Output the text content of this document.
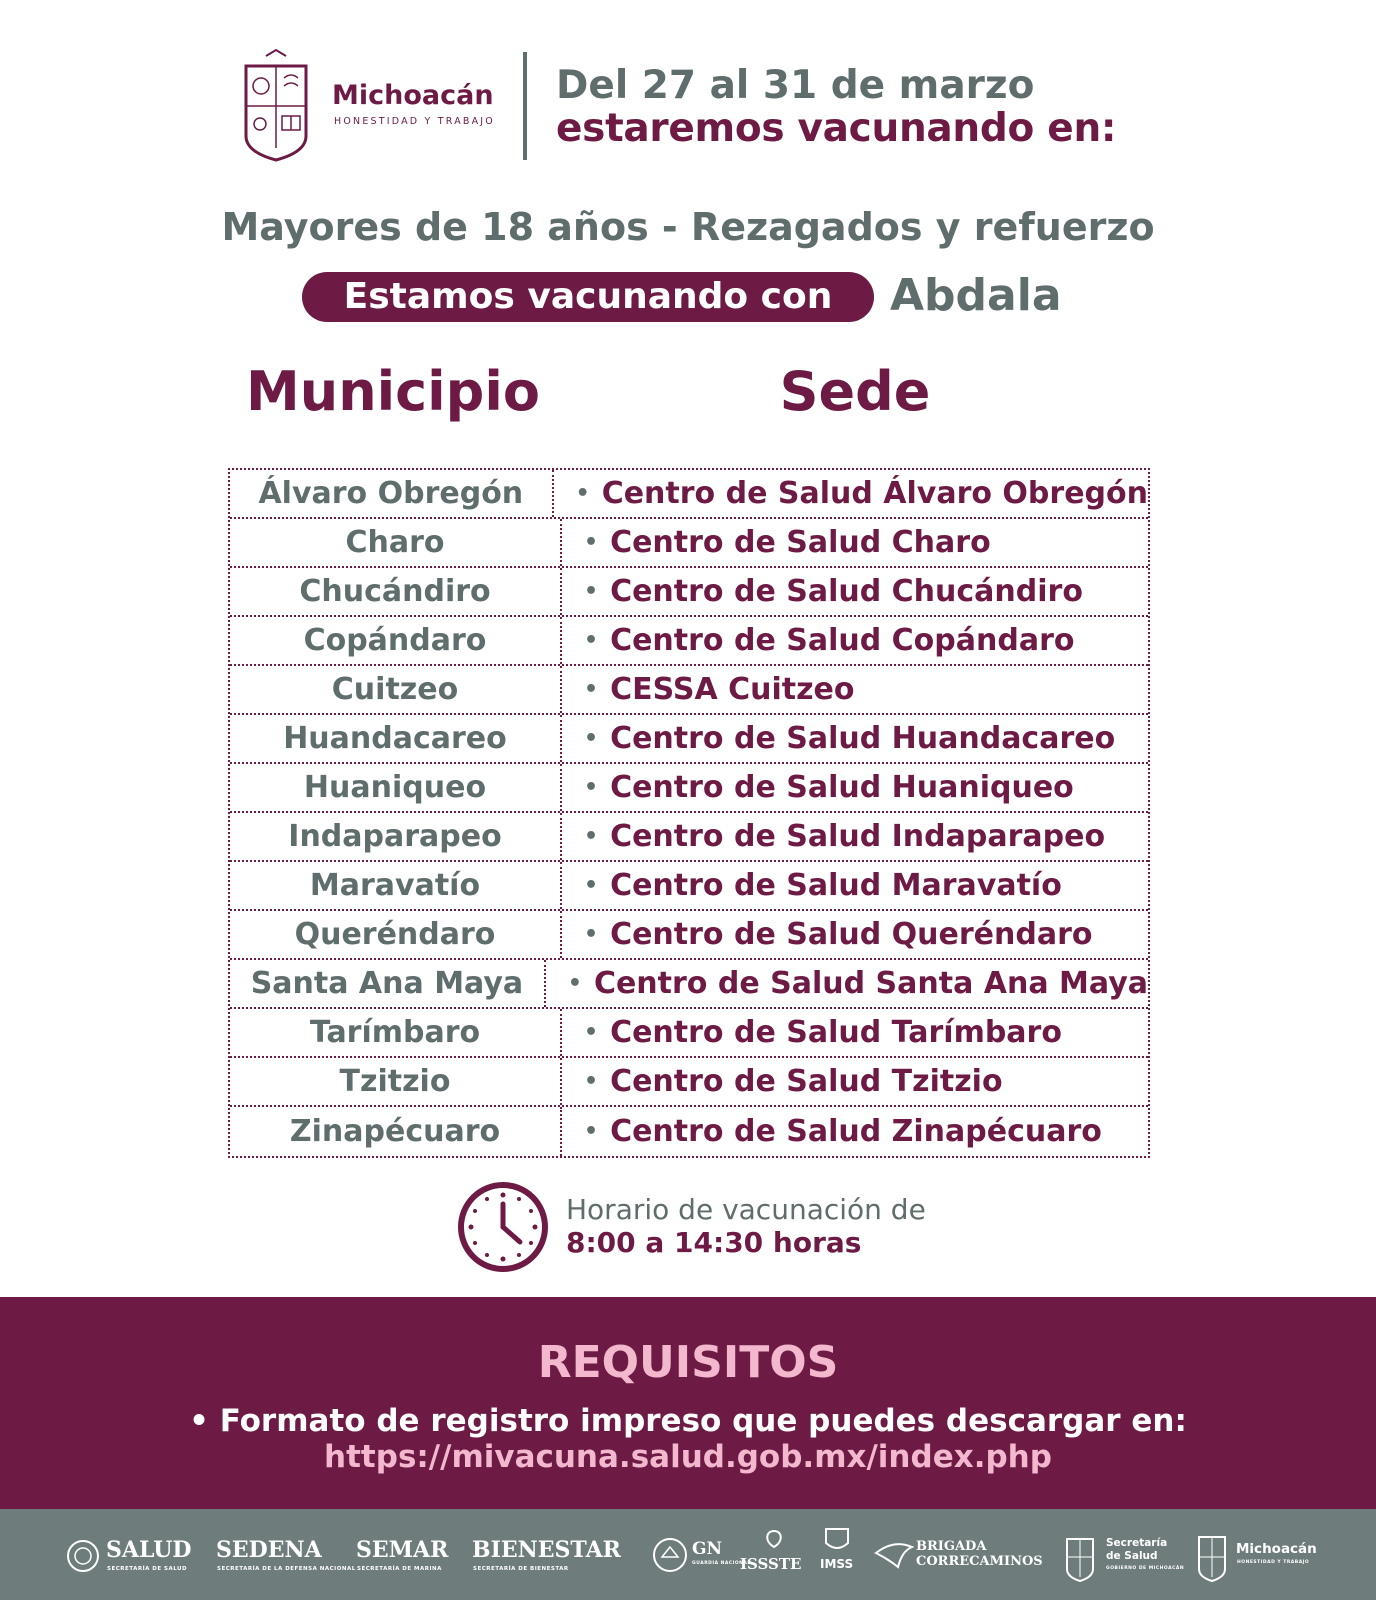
Michoacán
HONESTIDAD Y TRABAJO
Del 27 al 31 de marzo
estaremos vacunando en:
Mayores de 18 años - Rezagados y refuerzo
Estamos vacunando con	Abdala
Municipio	Sede
Álvaro Obregón	• Centro de Salud Álvaro Obregón
Charo	• Centro de Salud Charo
Chucándiro	• Centro de Salud Chucándiro
Copándaro	• Centro de Salud Copándaro
Cuitzeo	• CESSA Cuitzeo
Huandacareo	• Centro de Salud Huandacareo
Huaniqueo	• Centro de Salud Huaniqueo
Indaparapeo	• Centro de Salud Indaparapeo
Maravatío	• Centro de Salud Maravatío
Queréndaro	• Centro de Salud Queréndaro
Santa Ana Maya	• Centro de Salud Santa Ana Maya
Tarímbaro	• Centro de Salud Tarímbaro
Tzitzio	• Centro de Salud Tzitzio
Zinapécuaro	• Centro de Salud Zinapécuaro
Horario de vacunación de
8:00 a 14:30 horas
REQUISITOS
• Formato de registro impreso que puedes descargar en:
https://mivacuna.salud.gob.mx/index.php
SALUD
SECRETARÍA DE SALUD
SEDENA
SECRETARÍA DE LA DEFENSA NACIONAL
SEMAR
SECRETARÍA DE MARINA
BIENESTAR
SECRETARÍA DE BIENESTAR
GN
GUARDIA NACIONAL
ISSSTE IMSS
BRIGADA
CORRECAMINOS
Secretaría
de Salud
GOBIERNO DE MICHOACÁN
Michoacán
HONESTIDAD Y TRABAJO
